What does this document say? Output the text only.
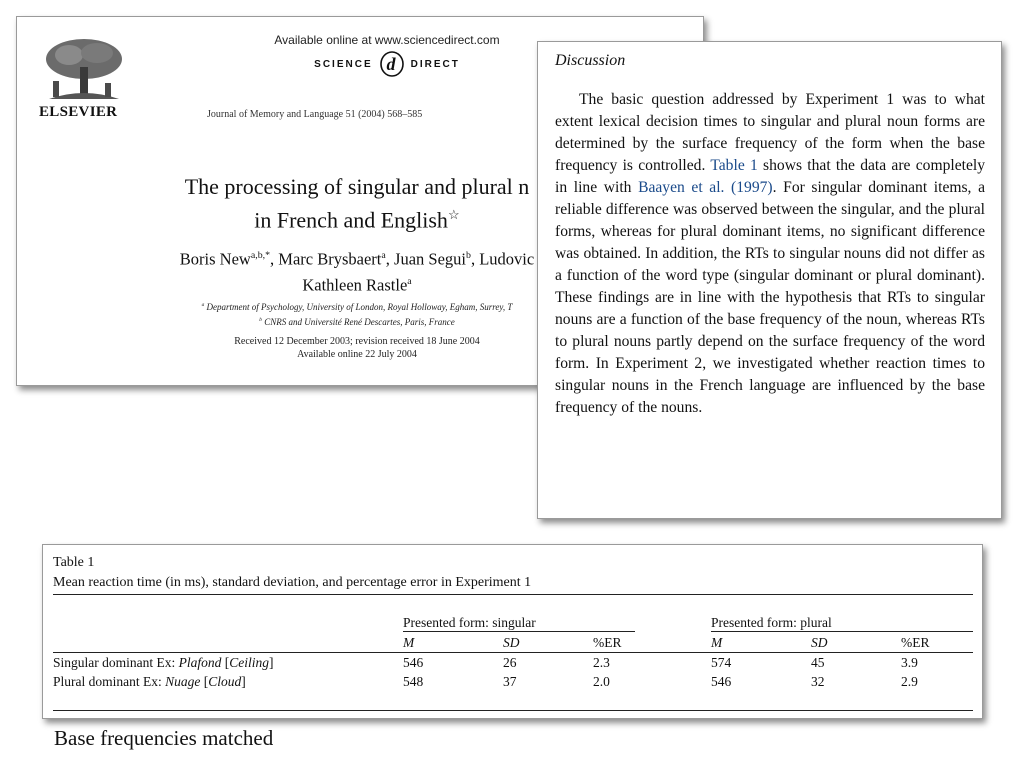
ELSEVIER
Available online at www.sciencedirect.com
SCIENCE d DIRECT
Journal of Memory and Language 51 (2004) 568–585
The processing of singular and plural n
in French and English☆
Boris New$^{a,b,*}$, Marc Brysbaert$^a$, Juan Segui$^b$, Ludovic
Kathleen Rastle$^a$
$^a$ Department of Psychology, University of London, Royal Holloway, Egham, Surrey, T
$^b$ CNRS and Université René Descartes, Paris, France
Received 12 December 2003; revision received 18 June 2004
Available online 22 July 2004
Discussion

The basic question addressed by Experiment 1 was to what extent lexical decision times to singular and plural noun forms are determined by the surface frequency of the form when the base frequency is controlled. Table 1 shows that the data are completely in line with Baayen et al. (1997). For singular dominant items, a reliable difference was observed between the singular, and the plural forms, whereas for plural dominant items, no significant difference was obtained. In addition, the RTs to singular nouns did not differ as a function of the word type (singular dominant or plural dominant). These findings are in line with the hypothesis that RTs to singular nouns are a function of the base frequency of the noun, whereas RTs to plural nouns partly depend on the surface frequency of the word form. In Experiment 2, we investigated whether reaction times to singular nouns in the French language are influenced by the base frequency of the nouns.

Table 1
Mean reaction time (in ms), standard deviation, and percentage error in Experiment 1

	Presented form: singular			Presented form: plural		

	M	SD	%ER	M	SD	%ER
Singular dominant Ex: Plafond [Ceiling]	546	26	2.3	574	45	3.9
Plural dominant Ex: Nuage [Cloud]	548	37	2.0	546	32	2.9

Base frequencies matched
